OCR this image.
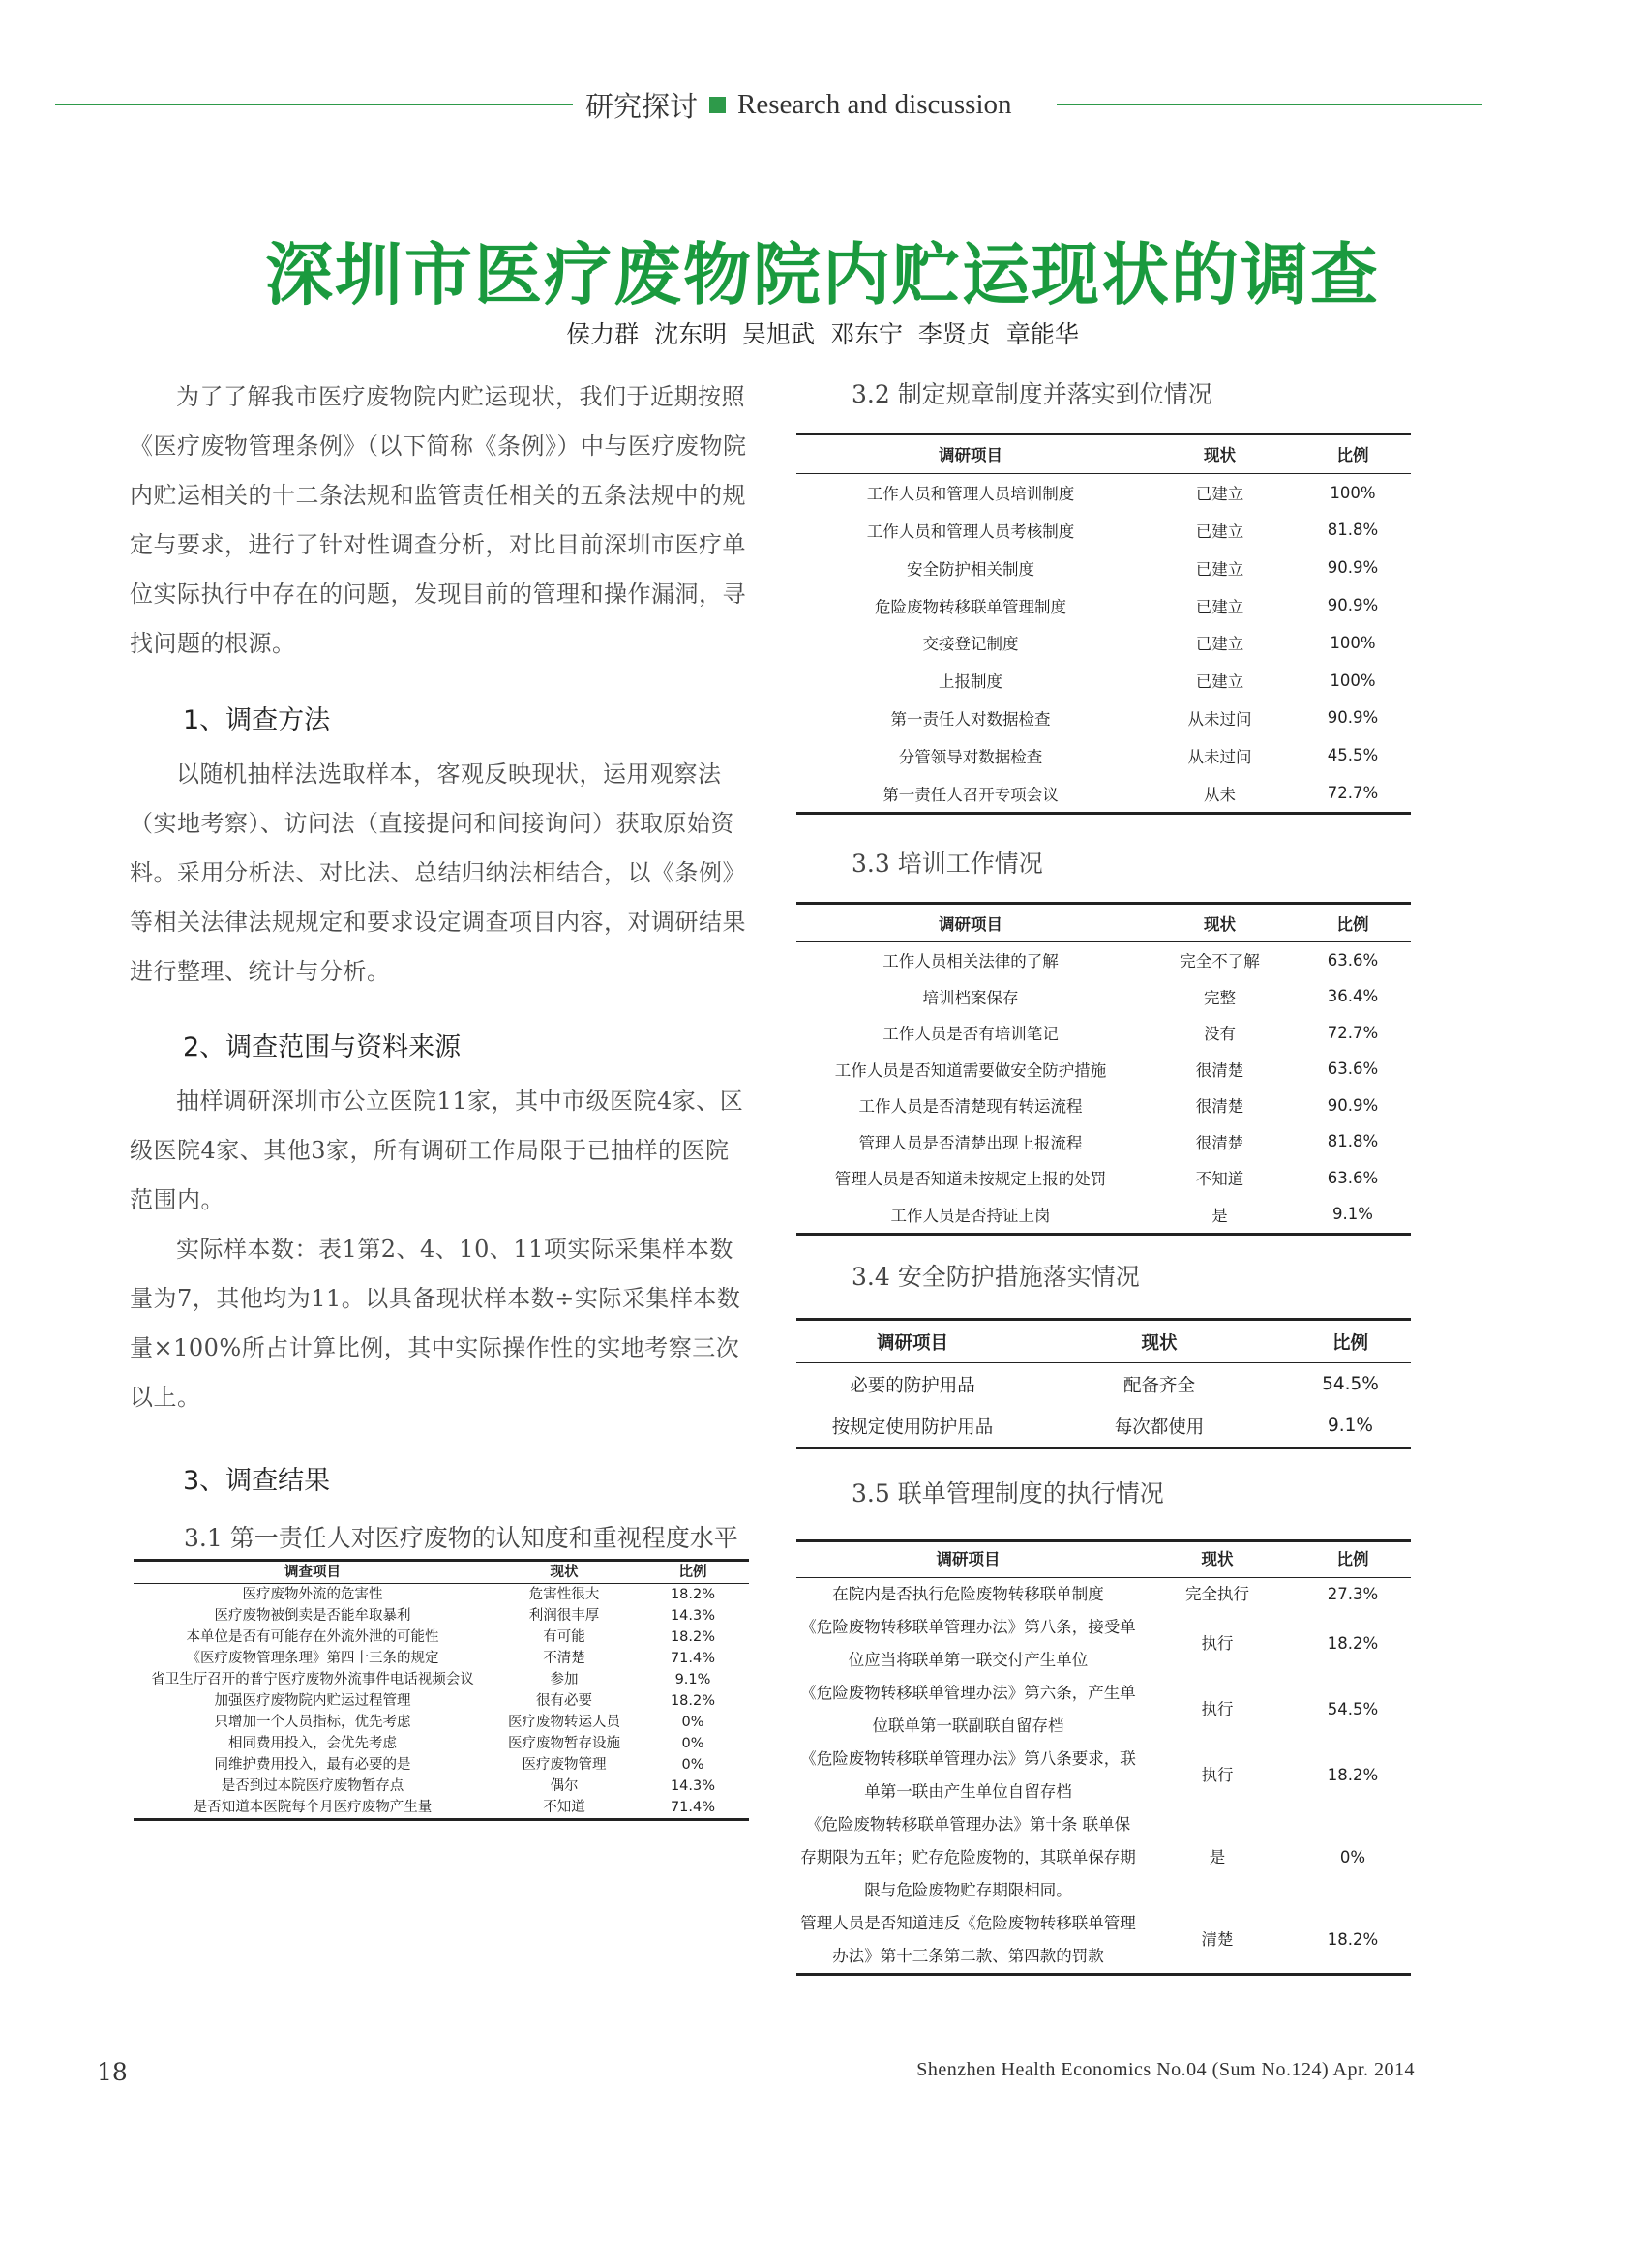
研究探讨 Research and discussion
深圳市医疗废物院内贮运现状的调查
侯力群 沈东明 吴旭武 邓东宁 李贤贞 章能华

为了了解我市医疗废物院内贮运现状，我们于近期按照《医疗废物管理条例》（以下简称《条例》）中与医疗废物院内贮运相关的十二条法规和监管责任相关的五条法规中的规定与要求，进行了针对性调查分析，对比目前深圳市医疗单位实际执行中存在的问题，发现目前的管理和操作漏洞，寻找问题的根源。

1、调查方法

以随机抽样法选取样本，客观反映现状，运用观察法（实地考察）、访问法（直接提问和间接询问）获取原始资料。采用分析法、对比法、总结归纳法相结合，以《条例》等相关法律法规规定和要求设定调查项目内容，对调研结果进行整理、统计与分析。

2、调查范围与资料来源

抽样调研深圳市公立医院11家，其中市级医院4家、区级医院4家、其他3家，所有调研工作局限于已抽样的医院范围内。

实际样本数：表1第2、4、10、11项实际采集样本数量为7，其他均为11。以具备现状样本数÷实际采集样本数量×100%所占计算比例，其中实际操作性的实地考察三次以上。

3、调查结果

3.1 第一责任人对医疗废物的认知度和重视程度水平
调查项目	现状	比例
医疗废物外流的危害性	危害性很大	18.2%
医疗废物被倒卖是否能牟取暴利	利润很丰厚	14.3%
本单位是否有可能存在外流外泄的可能性	有可能	18.2%
《医疗废物管理条理》第四十三条的规定	不清楚	71.4%
省卫生厅召开的普宁医疗废物外流事件电话视频会议	参加	9.1%
加强医疗废物院内贮运过程管理	很有必要	18.2%
只增加一个人员指标，优先考虑	医疗废物转运人员	0%
相同费用投入，会优先考虑	医疗废物暂存设施	0%
同维护费用投入，最有必要的是	医疗废物管理	0%
是否到过本院医疗废物暂存点	偶尔	14.3%
是否知道本医院每个月医疗废物产生量	不知道	71.4%
3.2 制定规章制度并落实到位情况
调研项目	现状	比例
工作人员和管理人员培训制度	已建立	100%
工作人员和管理人员考核制度	已建立	81.8%
安全防护相关制度	已建立	90.9%
危险废物转移联单管理制度	已建立	90.9%
交接登记制度	已建立	100%
上报制度	已建立	100%
第一责任人对数据检查	从未过问	90.9%
分管领导对数据检查	从未过问	45.5%
第一责任人召开专项会议	从未	72.7%
3.3 培训工作情况
调研项目	现状	比例
工作人员相关法律的了解	完全不了解	63.6%
培训档案保存	完整	36.4%
工作人员是否有培训笔记	没有	72.7%
工作人员是否知道需要做安全防护措施	很清楚	63.6%
工作人员是否清楚现有转运流程	很清楚	90.9%
管理人员是否清楚出现上报流程	很清楚	81.8%
管理人员是否知道未按规定上报的处罚	不知道	63.6%
工作人员是否持证上岗	是	9.1%
3.4 安全防护措施落实情况
调研项目	现状	比例
必要的防护用品	配备齐全	54.5%
按规定使用防护用品	每次都使用	9.1%
3.5 联单管理制度的执行情况
调研项目	现状	比例
在院内是否执行危险废物转移联单制度	完全执行	27.3%
《危险废物转移联单管理办法》第八条，接受单位应当将联单第一联交付产生单位	执行	18.2%
《危险废物转移联单管理办法》第六条，产生单位联单第一联副联自留存档	执行	54.5%
《危险废物转移联单管理办法》第八条要求，联单第一联由产生单位自留存档	执行	18.2%
《危险废物转移联单管理办法》第十条 联单保存期限为五年；贮存危险废物的，其联单保存期限与危险废物贮存期限相同。	是	0%
管理人员是否知道违反《危险废物转移联单管理办法》第十三条第二款、第四款的罚款	清楚	18.2%
18	Shenzhen Health Economics No.04 (Sum No.124) Apr. 2014
